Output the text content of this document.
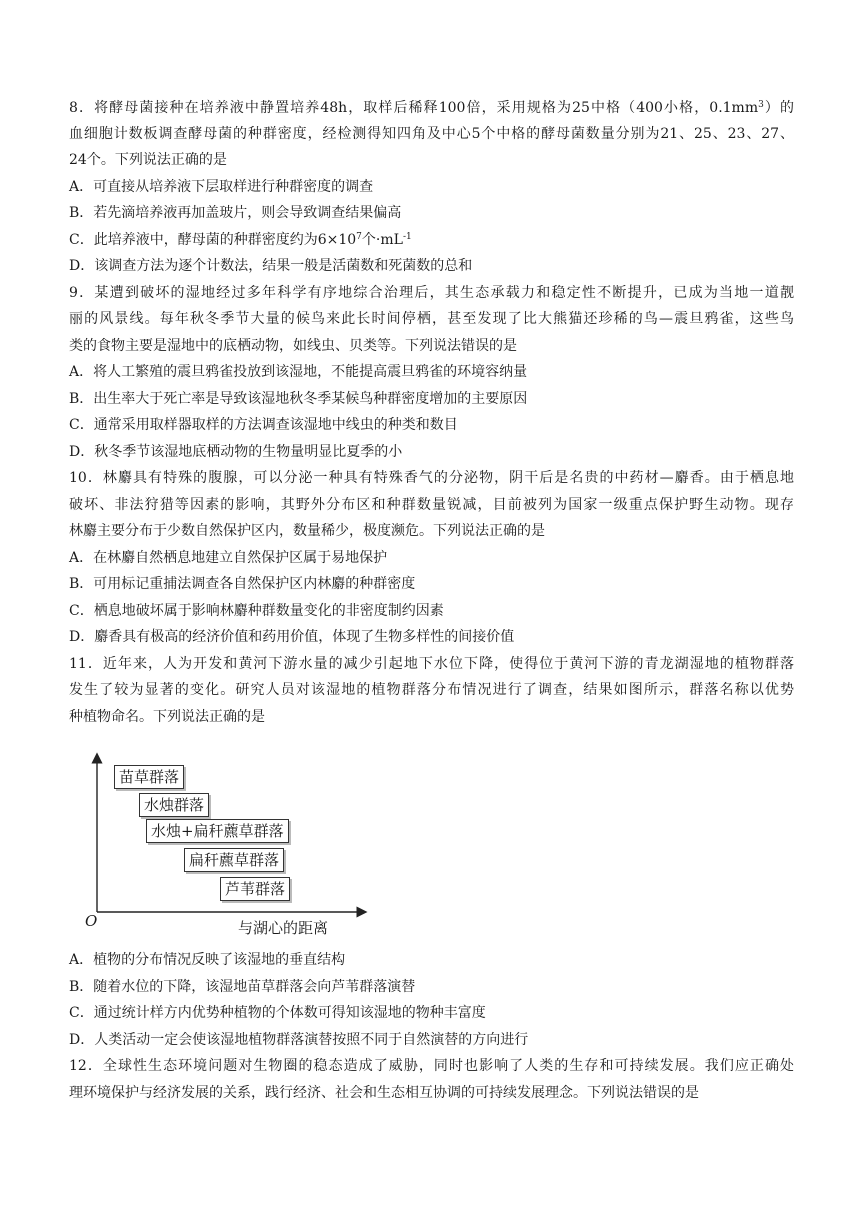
8．将酵母菌接种在培养液中静置培养48h，取样后稀释100倍，采用规格为25中格（400小格，$0.1mm^3$）的
血细胞计数板调查酵母菌的种群密度，经检测得知四角及中心5个中格的酵母菌数量分别为21、25、23、27、
24个。下列说法正确的是
A．可直接从培养液下层取样进行种群密度的调查
B．若先滴培养液再加盖玻片，则会导致调查结果偏高
C．此培养液中，酵母菌的种群密度约为$6\times 10^7$个$\cdot mL^{-1}$
D．该调查方法为逐个计数法，结果一般是活菌数和死菌数的总和
9．某遭到破坏的湿地经过多年科学有序地综合治理后，其生态承载力和稳定性不断提升，已成为当地一道靓
丽的风景线。每年秋冬季节大量的候鸟来此长时间停栖，甚至发现了比大熊猫还珍稀的鸟—震旦鸦雀，这些鸟
类的食物主要是湿地中的底栖动物，如线虫、贝类等。下列说法错误的是
A．将人工繁殖的震旦鸦雀投放到该湿地，不能提高震旦鸦雀的环境容纳量
B．出生率大于死亡率是导致该湿地秋冬季某候鸟种群密度增加的主要原因
C．通常采用取样器取样的方法调查该湿地中线虫的种类和数目
D．秋冬季节该湿地底栖动物的生物量明显比夏季的小
10．林麝具有特殊的腹腺，可以分泌一种具有特殊香气的分泌物，阴干后是名贵的中药材—麝香。由于栖息地
破坏、非法狩猎等因素的影响，其野外分布区和种群数量锐减，目前被列为国家一级重点保护野生动物。现存
林麝主要分布于少数自然保护区内，数量稀少，极度濒危。下列说法正确的是
A．在林麝自然栖息地建立自然保护区属于易地保护
B．可用标记重捕法调查各自然保护区内林麝的种群密度
C．栖息地破坏属于影响林麝种群数量变化的非密度制约因素
D．麝香具有极高的经济价值和药用价值，体现了生物多样性的间接价值
11．近年来，人为开发和黄河下游水量的减少引起地下水位下降，使得位于黄河下游的青龙湖湿地的植物群落
发生了较为显著的变化。研究人员对该湿地的植物群落分布情况进行了调查，结果如图所示，群落名称以优势
种植物命名。下列说法正确的是
苗草群落
水烛群落
水烛+扁秆藨草群落
扁秆藨草群落
芦苇群落
O	与湖心的距离
A．植物的分布情况反映了该湿地的垂直结构
B．随着水位的下降，该湿地苗草群落会向芦苇群落演替
C．通过统计样方内优势种植物的个体数可得知该湿地的物种丰富度
D．人类活动一定会使该湿地植物群落演替按照不同于自然演替的方向进行
12．全球性生态环境问题对生物圈的稳态造成了威胁，同时也影响了人类的生存和可持续发展。我们应正确处
理环境保护与经济发展的关系，践行经济、社会和生态相互协调的可持续发展理念。下列说法错误的是
